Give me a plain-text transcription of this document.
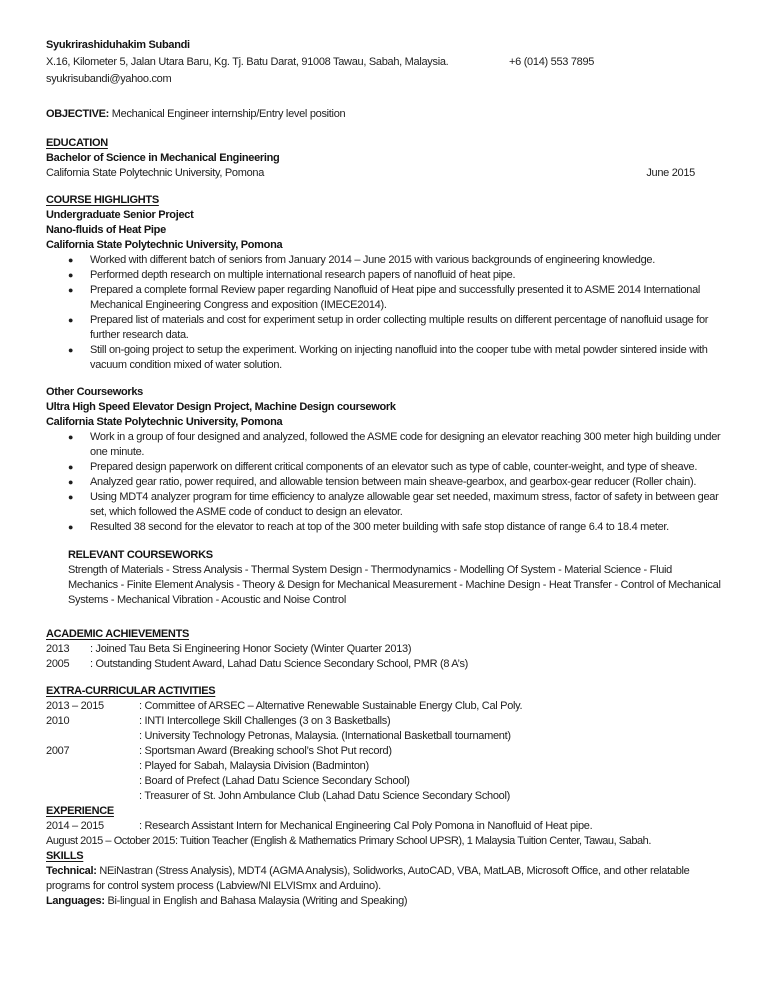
Syukrirashiduhakim Subandi
X.16, Kilometer 5, Jalan Utara Baru, Kg. Tj. Batu Darat, 91008 Tawau, Sabah, Malaysia.	+6 (014) 553 7895
syukrisubandi@yahoo.com
OBJECTIVE: Mechanical Engineer internship/Entry level position
EDUCATION
Bachelor of Science in Mechanical Engineering
California State Polytechnic University, Pomona	June 2015
COURSE HIGHLIGHTS
Undergraduate Senior Project
Nano-fluids of Heat Pipe
California State Polytechnic University, Pomona
●	Worked with different batch of seniors from January 2014 – June 2015 with various backgrounds of engineering knowledge.
●	Performed depth research on multiple international research papers of nanofluid of heat pipe.
●	Prepared a complete formal Review paper regarding Nanofluid of Heat pipe and successfully presented it to ASME 2014 International Mechanical Engineering Congress and exposition (IMECE2014).
●	Prepared list of materials and cost for experiment setup in order collecting multiple results on different percentage of nanofluid usage for further research data.
●	Still on-going project to setup the experiment. Working on injecting nanofluid into the cooper tube with metal powder sintered inside with vacuum condition mixed of water solution.
Other Courseworks
Ultra High Speed Elevator Design Project, Machine Design coursework
California State Polytechnic University, Pomona
●	Work in a group of four designed and analyzed, followed the ASME code for designing an elevator reaching 300 meter high building under one minute.
●	Prepared design paperwork on different critical components of an elevator such as type of cable, counter-weight, and type of sheave.
●	Analyzed gear ratio, power required, and allowable tension between main sheave-gearbox, and gearbox-gear reducer (Roller chain).
●	Using MDT4 analyzer program for time efficiency to analyze allowable gear set needed, maximum stress, factor of safety in between gear set, which followed the ASME code of conduct to design an elevator.
●	Resulted 38 second for the elevator to reach at top of the 300 meter building with safe stop distance of range 6.4 to 18.4 meter.
RELEVANT COURSEWORKS
Strength of Materials - Stress Analysis - Thermal System Design - Thermodynamics - Modelling Of System - Material Science - Fluid Mechanics - Finite Element Analysis - Theory & Design for Mechanical Measurement - Machine Design - Heat Transfer - Control of Mechanical Systems - Mechanical Vibration - Acoustic and Noise Control
ACADEMIC ACHIEVEMENTS
2013	: Joined Tau Beta Si Engineering Honor Society (Winter Quarter 2013)
2005	: Outstanding Student Award, Lahad Datu Science Secondary School, PMR (8 A’s)
EXTRA-CURRICULAR ACTIVITIES
2013 – 2015	: Committee of ARSEC – Alternative Renewable Sustainable Energy Club, Cal Poly.
2010	: INTI Intercollege Skill Challenges (3 on 3 Basketballs)
: University Technology Petronas, Malaysia. (International Basketball tournament)
2007	: Sportsman Award (Breaking school’s Shot Put record)
: Played for Sabah, Malaysia Division (Badminton)
: Board of Prefect (Lahad Datu Science Secondary School)
: Treasurer of St. John Ambulance Club (Lahad Datu Science Secondary School)
EXPERIENCE
2014 – 2015	: Research Assistant Intern for Mechanical Engineering Cal Poly Pomona in Nanofluid of Heat pipe.
August 2015 – October 2015: Tuition Teacher (English & Mathematics Primary School UPSR), 1 Malaysia Tuition Center, Tawau, Sabah.
SKILLS
Technical: NEiNastran (Stress Analysis), MDT4 (AGMA Analysis), Solidworks, AutoCAD, VBA, MatLAB, Microsoft Office, and other relatable programs for control system process (Labview/NI ELVISmx and Arduino).
Languages: Bi-lingual in English and Bahasa Malaysia (Writing and Speaking)
